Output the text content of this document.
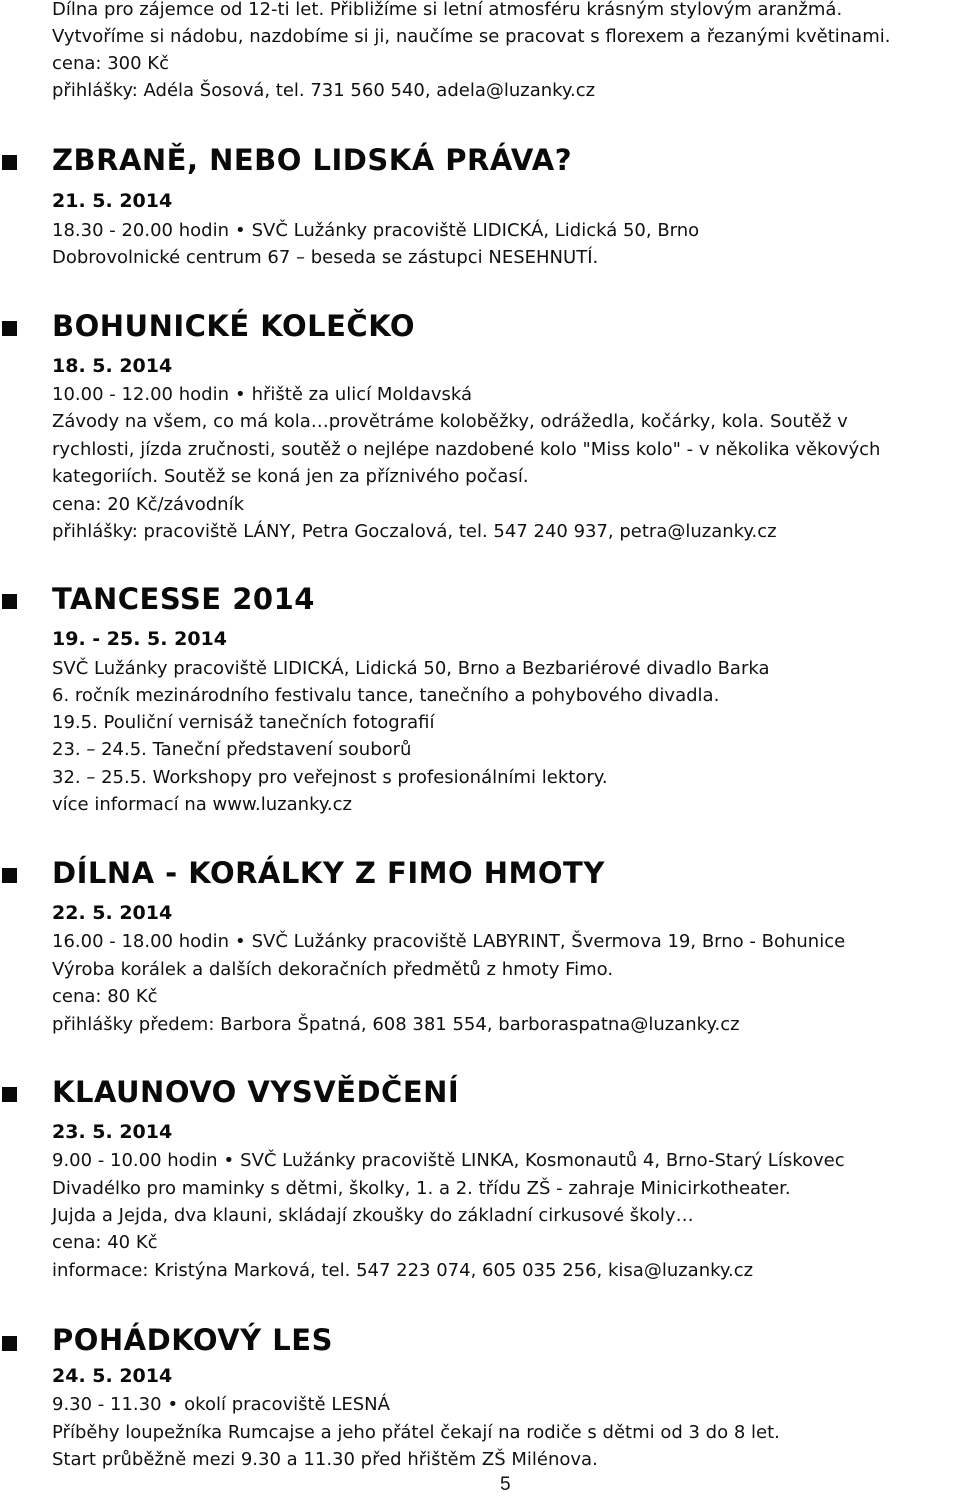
Dílna pro zájemce od 12-ti let. Přibližíme si letní atmosféru krásným stylovým aranžmá.
Vytvoříme si nádobu, nazdobíme si ji, naučíme se pracovat s florexem a řezanými květinami.
cena: 300 Kč
přihlášky: Adéla Šosová, tel. 731 560 540, adela@luzanky.cz
ZBRANĚ, NEBO LIDSKÁ PRÁVA?
21. 5. 2014
18.30 - 20.00 hodin • SVČ Lužánky pracoviště LIDICKÁ, Lidická 50, Brno
Dobrovolnické centrum 67 – beseda se zástupci NESEHNUTÍ.
BOHUNICKÉ KOLEČKO
18. 5. 2014
10.00 - 12.00 hodin • hřiště za ulicí Moldavská
Závody na všem, co má kola…provětráme koloběžky, odrážedla, kočárky, kola. Soutěž v
rychlosti, jízda zručnosti, soutěž o nejlépe nazdobené kolo "Miss kolo" - v několika věkových
kategoriích. Soutěž se koná jen za příznivého počasí.
cena: 20 Kč/závodník
přihlášky: pracoviště LÁNY, Petra Goczalová, tel. 547 240 937, petra@luzanky.cz
TANCESSE 2014
19. - 25. 5. 2014
SVČ Lužánky pracoviště LIDICKÁ, Lidická 50, Brno a Bezbariérové divadlo Barka
6. ročník mezinárodního festivalu tance, tanečního a pohybového divadla.
19.5. Pouliční vernisáž tanečních fotografií
23. – 24.5. Taneční představení souborů
32. – 25.5. Workshopy pro veřejnost s profesionálními lektory.
více informací na www.luzanky.cz
DÍLNA - KORÁLKY Z FIMO HMOTY
22. 5. 2014
16.00 - 18.00 hodin • SVČ Lužánky pracoviště LABYRINT, Švermova 19, Brno - Bohunice
Výroba korálek a dalších dekoračních předmětů z hmoty Fimo.
cena: 80 Kč
přihlášky předem: Barbora Špatná, 608 381 554, barboraspatna@luzanky.cz
KLAUNOVO VYSVĚDČENÍ
23. 5. 2014
9.00 - 10.00 hodin • SVČ Lužánky pracoviště LINKA, Kosmonautů 4, Brno-Starý Lískovec
Divadélko pro maminky s dětmi, školky, 1. a 2. třídu ZŠ - zahraje Minicirkotheater.
Jujda a Jejda, dva klauni, skládají zkoušky do základní cirkusové školy…
cena: 40 Kč
informace: Kristýna Marková, tel. 547 223 074, 605 035 256, kisa@luzanky.cz
POHÁDKOVÝ LES
24. 5. 2014
9.30 - 11.30 • okolí pracoviště LESNÁ
Příběhy loupežníka Rumcajse a jeho přátel čekají na rodiče s dětmi od 3 do 8 let.
Start průběžně mezi 9.30 a 11.30 před hřištěm ZŠ Milénova.
5
